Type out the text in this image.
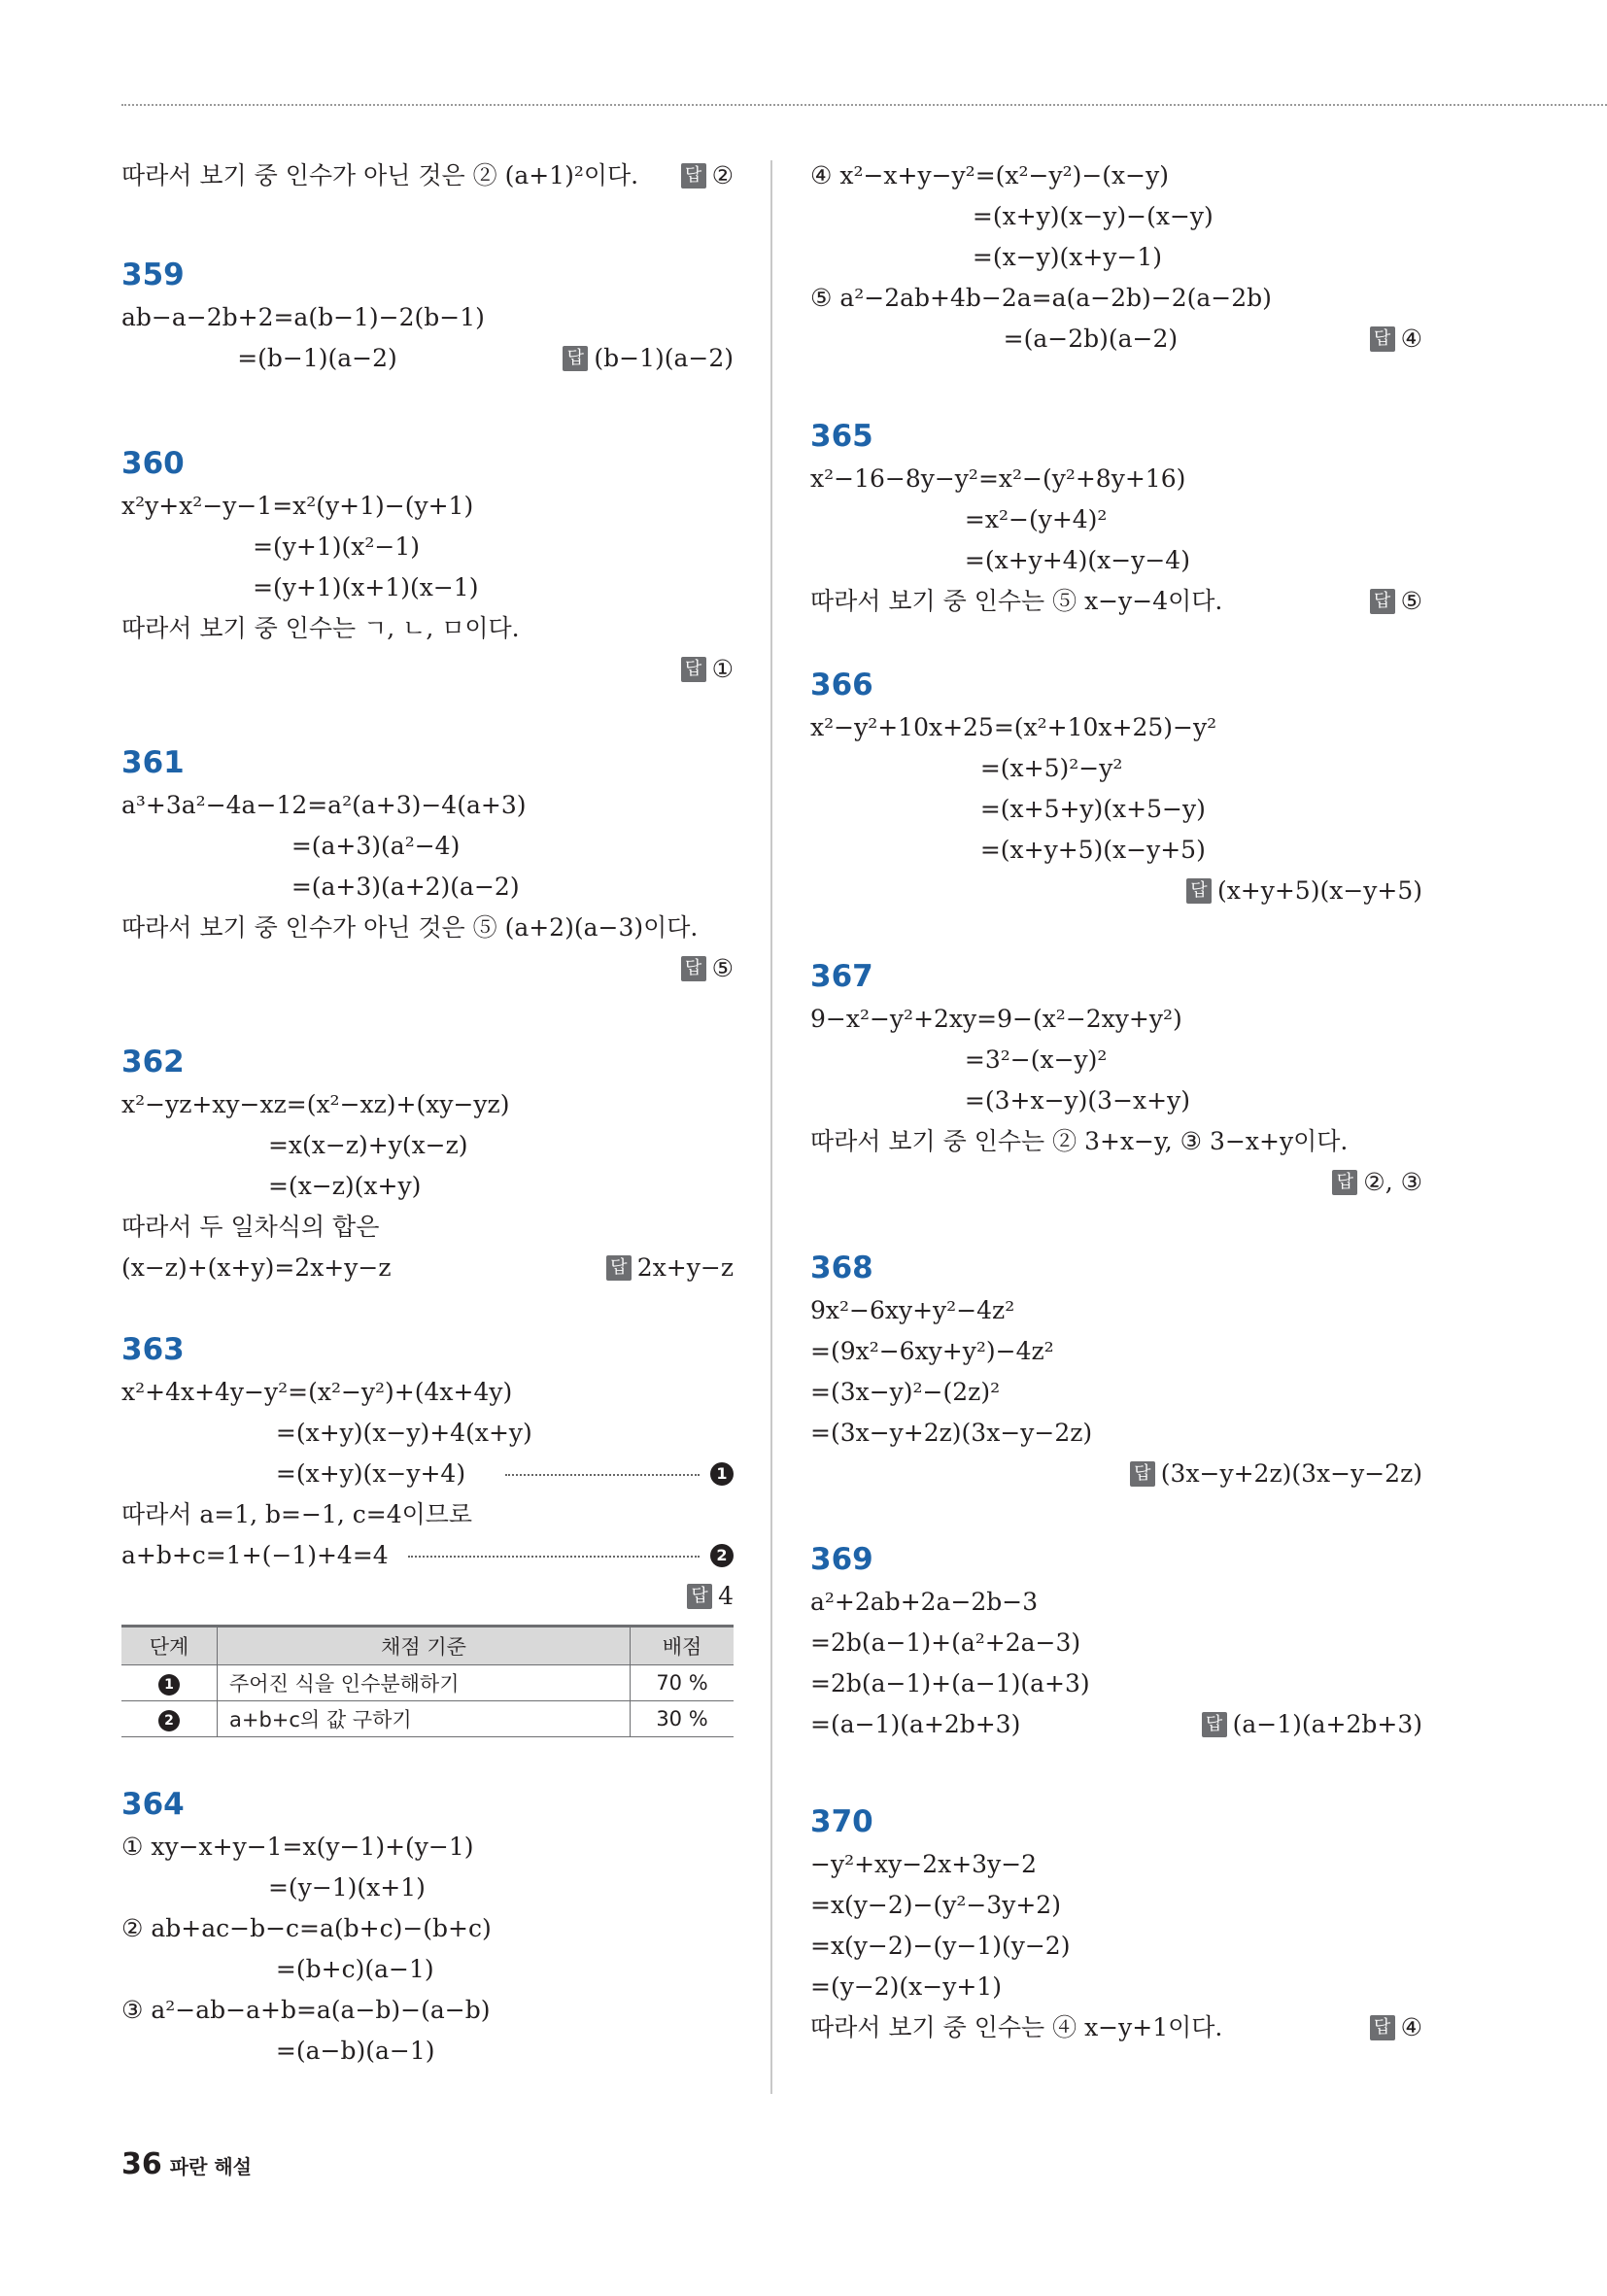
따라서 보기 중 인수가 아닌 것은 ② (a+1)²이다.	답 ②
359
ab−a−2b+2=a(b−1)−2(b−1)
=(b−1)(a−2)	답 (b−1)(a−2)
360
x²y+x²−y−1=x²(y+1)−(y+1)
=(y+1)(x²−1)
=(y+1)(x+1)(x−1)
따라서 보기 중 인수는 ㄱ, ㄴ, ㅁ이다.
답 ①
361
a³+3a²−4a−12=a²(a+3)−4(a+3)
=(a+3)(a²−4)
=(a+3)(a+2)(a−2)
따라서 보기 중 인수가 아닌 것은 ⑤ (a+2)(a−3)이다.
답 ⑤
362
x²−yz+xy−xz=(x²−xz)+(xy−yz)
=x(x−z)+y(x−z)
=(x−z)(x+y)
따라서 두 일차식의 합은
(x−z)+(x+y)=2x+y−z	답 2x+y−z
363
x²+4x+4y−y²=(x²−y²)+(4x+4y)
=(x+y)(x−y)+4(x+y)
=(x+y)(x−y+4)	1
따라서 a=1, b=−1, c=4이므로
a+b+c=1+(−1)+4=4	2
답 4
단계	채점 기준	배점
1	주어진 식을 인수분해하기	70 %
2	a+b+c의 값 구하기	30 %
364
① xy−x+y−1=x(y−1)+(y−1)
=(y−1)(x+1)
② ab+ac−b−c=a(b+c)−(b+c)
=(b+c)(a−1)
③ a²−ab−a+b=a(a−b)−(a−b)
=(a−b)(a−1)
④ x²−x+y−y²=(x²−y²)−(x−y)
=(x+y)(x−y)−(x−y)
=(x−y)(x+y−1)
⑤ a²−2ab+4b−2a=a(a−2b)−2(a−2b)
=(a−2b)(a−2)	답 ④
365
x²−16−8y−y²=x²−(y²+8y+16)
=x²−(y+4)²
=(x+y+4)(x−y−4)
따라서 보기 중 인수는 ⑤ x−y−4이다.	답 ⑤
366
x²−y²+10x+25=(x²+10x+25)−y²
=(x+5)²−y²
=(x+5+y)(x+5−y)
=(x+y+5)(x−y+5)
답 (x+y+5)(x−y+5)
367
9−x²−y²+2xy=9−(x²−2xy+y²)
=3²−(x−y)²
=(3+x−y)(3−x+y)
따라서 보기 중 인수는 ② 3+x−y, ③ 3−x+y이다.
답 ②, ③
368
9x²−6xy+y²−4z²
=(9x²−6xy+y²)−4z²
=(3x−y)²−(2z)²
=(3x−y+2z)(3x−y−2z)
답 (3x−y+2z)(3x−y−2z)
369
a²+2ab+2a−2b−3
=2b(a−1)+(a²+2a−3)
=2b(a−1)+(a−1)(a+3)
=(a−1)(a+2b+3)	답 (a−1)(a+2b+3)
370
−y²+xy−2x+3y−2
=x(y−2)−(y²−3y+2)
=x(y−2)−(y−1)(y−2)
=(y−2)(x−y+1)
따라서 보기 중 인수는 ④ x−y+1이다.	답 ④
36 파란 해설
